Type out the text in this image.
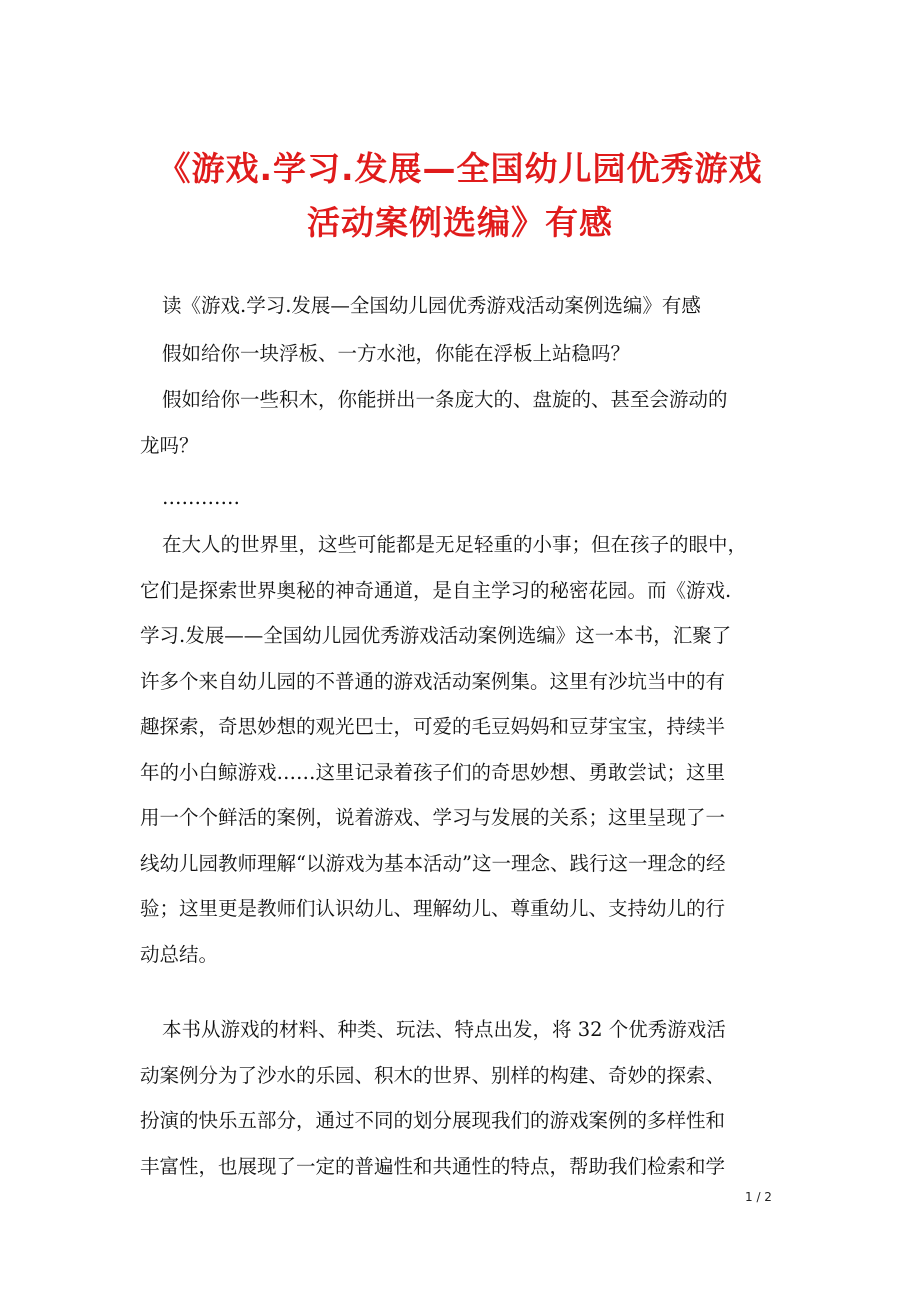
《游戏.学习.发展—全国幼儿园优秀游戏
活动案例选编》有感

读《游戏.学习.发展—全国幼儿园优秀游戏活动案例选编》有感

假如给你一块浮板、一方水池，你能在浮板上站稳吗？

假如给你一些积木，你能拼出一条庞大的、盘旋的、甚至会游动的
龙吗？

…………

在大人的世界里，这些可能都是无足轻重的小事；但在孩子的眼中，
它们是探索世界奥秘的神奇通道，是自主学习的秘密花园。而《游戏.
学习.发展——全国幼儿园优秀游戏活动案例选编》这一本书，汇聚了
许多个来自幼儿园的不普通的游戏活动案例集。这里有沙坑当中的有
趣探索，奇思妙想的观光巴士，可爱的毛豆妈妈和豆芽宝宝，持续半
年的小白鲸游戏……这里记录着孩子们的奇思妙想、勇敢尝试；这里
用一个个鲜活的案例，说着游戏、学习与发展的关系；这里呈现了一
线幼儿园教师理解“以游戏为基本活动”这一理念、践行这一理念的经
验；这里更是教师们认识幼儿、理解幼儿、尊重幼儿、支持幼儿的行
动总结。

本书从游戏的材料、种类、玩法、特点出发，将 32 个优秀游戏活
动案例分为了沙水的乐园、积木的世界、别样的构建、奇妙的探索、
扮演的快乐五部分，通过不同的划分展现我们的游戏案例的多样性和
丰富性，也展现了一定的普遍性和共通性的特点，帮助我们检索和学

1 / 2
